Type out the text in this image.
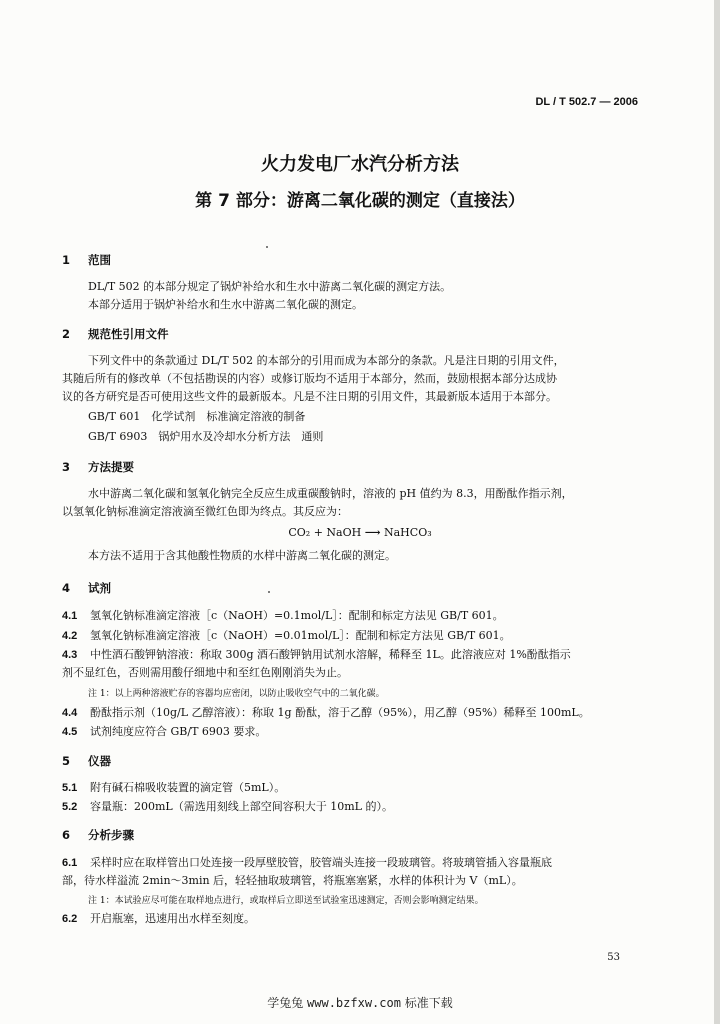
DL / T 502.7 — 2006
火力发电厂水汽分析方法
第 7 部分：游离二氧化碳的测定（直接法）
1 范围
DL/T 502 的本部分规定了锅炉补给水和生水中游离二氧化碳的测定方法。
本部分适用于锅炉补给水和生水中游离二氧化碳的测定。
2 规范性引用文件
下列文件中的条款通过 DL/T 502 的本部分的引用而成为本部分的条款。凡是注日期的引用文件，
其随后所有的修改单（不包括勘误的内容）或修订版均不适用于本部分，然而，鼓励根据本部分达成协
议的各方研究是否可使用这些文件的最新版本。凡是不注日期的引用文件，其最新版本适用于本部分。
GB/T 601　化学试剂　标准滴定溶液的制备
GB/T 6903　锅炉用水及冷却水分析方法　通则
3 方法提要
水中游离二氧化碳和氢氧化钠完全反应生成重碳酸钠时，溶液的 pH 值约为 8.3，用酚酞作指示剂，
以氢氧化钠标准滴定溶液滴至微红色即为终点。其反应为：
CO₂ + NaOH ⟶ NaHCO₃
本方法不适用于含其他酸性物质的水样中游离二氧化碳的测定。
4 试剂
4.1 氢氧化钠标准滴定溶液［c（NaOH）=0.1mol/L］：配制和标定方法见 GB/T 601。
4.2 氢氧化钠标准滴定溶液［c（NaOH）=0.01mol/L］：配制和标定方法见 GB/T 601。
4.3 中性酒石酸钾钠溶液：称取 300g 酒石酸钾钠用试剂水溶解，稀释至 1L。此溶液应对 1%酚酞指示
剂不显红色，否则需用酸仔细地中和至红色刚刚消失为止。
注 1：以上两种溶液贮存的容器均应密闭，以防止吸收空气中的二氧化碳。
4.4 酚酞指示剂（10g/L 乙醇溶液）：称取 1g 酚酞，溶于乙醇（95%），用乙醇（95%）稀释至 100mL。
4.5 试剂纯度应符合 GB/T 6903 要求。
5 仪器
5.1 附有碱石棉吸收装置的滴定管（5mL）。
5.2 容量瓶：200mL（需选用刻线上部空间容积大于 10mL 的）。
6 分析步骤
6.1 采样时应在取样管出口处连接一段厚壁胶管，胶管端头连接一段玻璃管。将玻璃管插入容量瓶底
部，待水样溢流 2min～3min 后，轻轻抽取玻璃管，将瓶塞塞紧，水样的体积计为 V（mL）。
注 1：本试验应尽可能在取样地点进行，或取样后立即送至试验室迅速测定，否则会影响测定结果。
6.2 开启瓶塞，迅速用出水样至刻度。
53
学兔兔 www.bzfxw.com 标准下载
